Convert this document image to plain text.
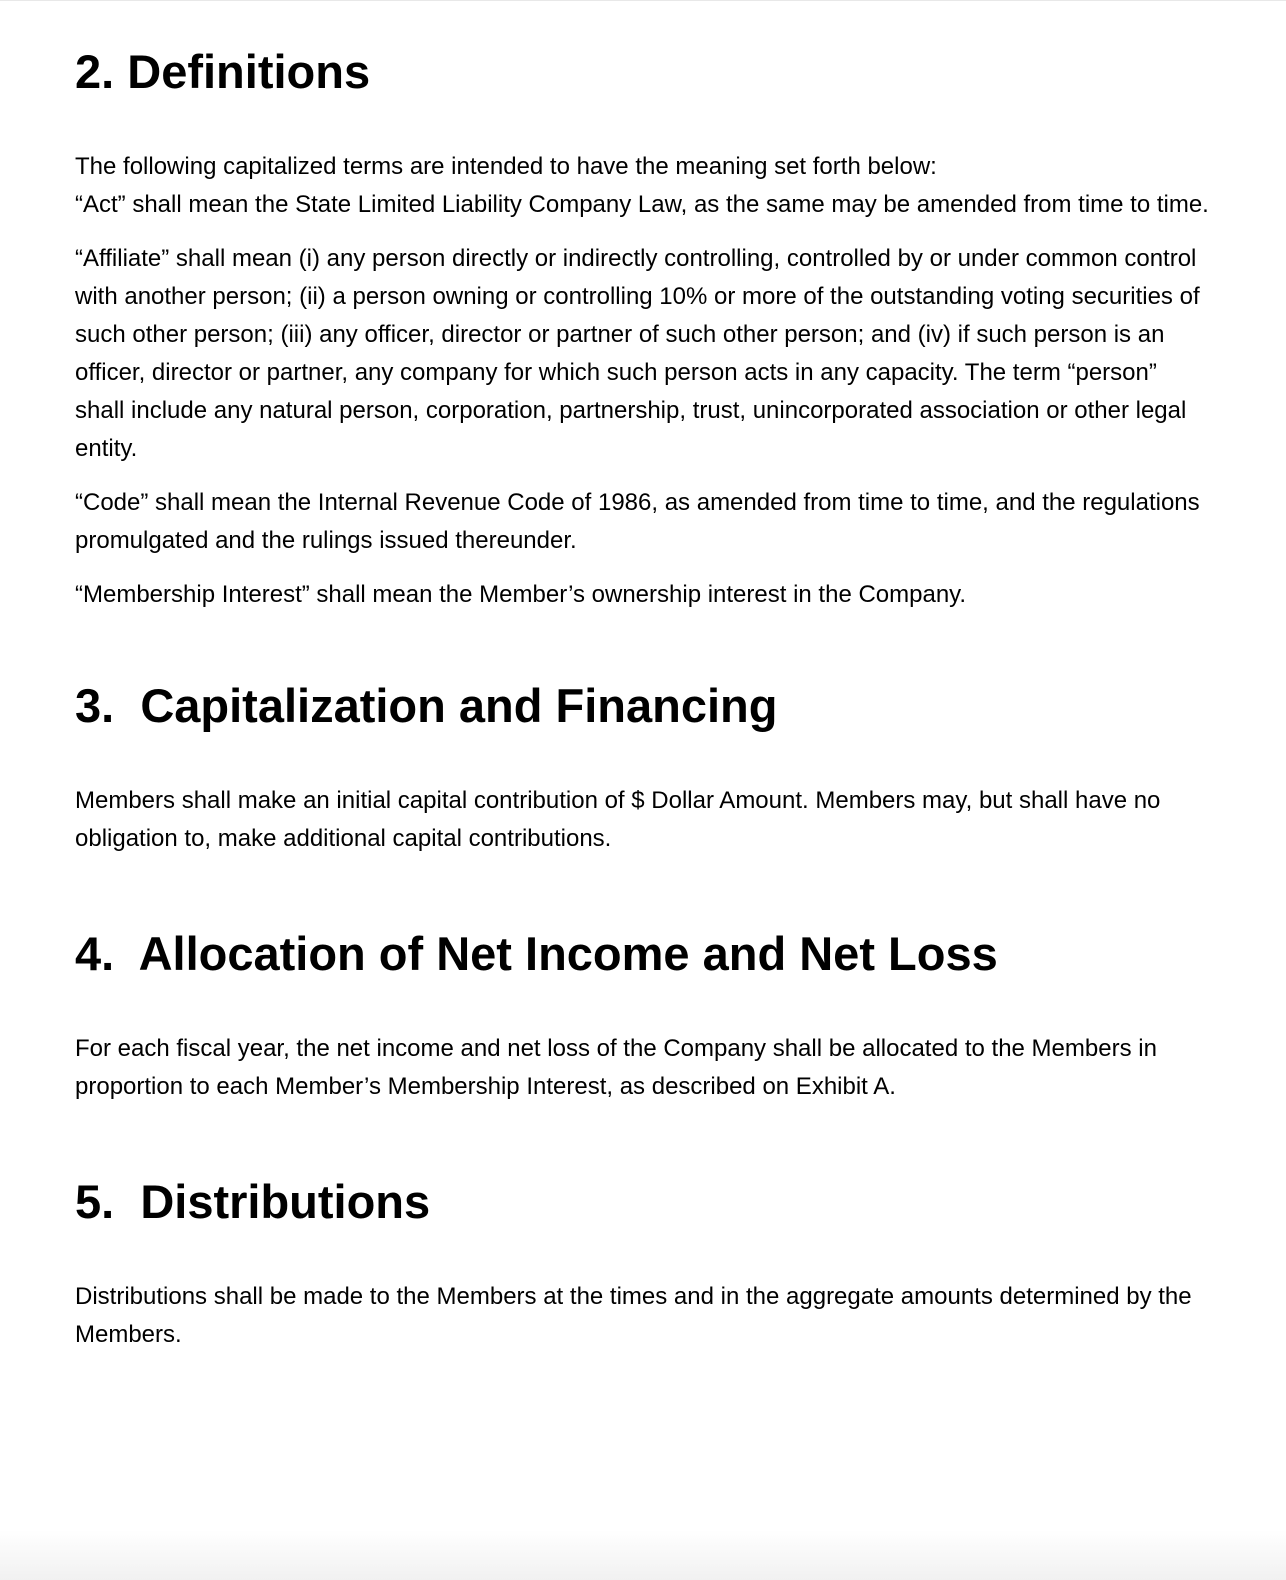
2. Definitions

The following capitalized terms are intended to have the meaning set forth below:

“Act” shall mean the State Limited Liability Company Law, as the same may be amended from time to time.

“Affiliate” shall mean (i) any person directly or indirectly controlling, controlled by or under common control with another person; (ii) a person owning or controlling 10% or more of the outstanding voting securities of such other person; (iii) any officer, director or partner of such other person; and (iv) if such person is an officer, director or partner, any company for which such person acts in any capacity. The term “person” shall include any natural person, corporation, partnership, trust, unincorporated association or other legal entity.

“Code” shall mean the Internal Revenue Code of 1986, as amended from time to time, and the regulations promulgated and the rulings issued thereunder.

“Membership Interest” shall mean the Member’s ownership interest in the Company.

3.  Capitalization and Financing

Members shall make an initial capital contribution of $ Dollar Amount. Members may, but shall have no obligation to, make additional capital contributions.

4.  Allocation of Net Income and Net Loss

For each fiscal year, the net income and net loss of the Company shall be allocated to the Members in proportion to each Member’s Membership Interest, as described on Exhibit A.

5.  Distributions

Distributions shall be made to the Members at the times and in the aggregate amounts determined by the Members.
